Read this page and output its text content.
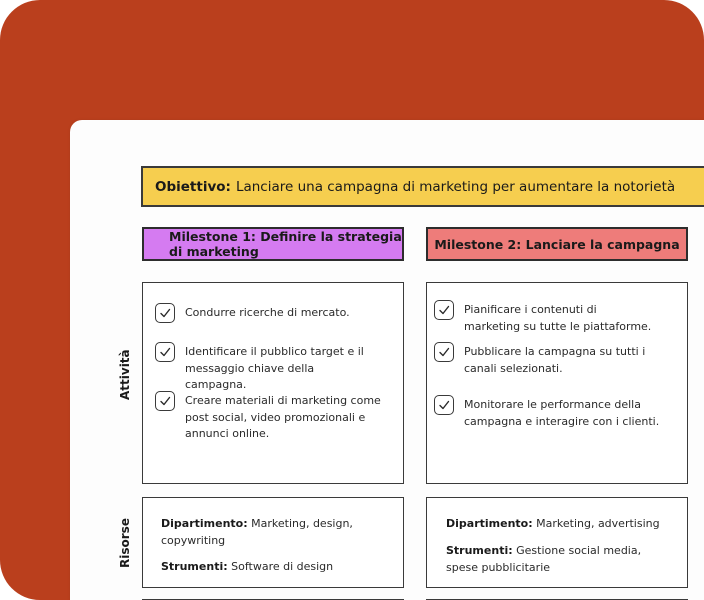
Obiettivo: Lanciare una campagna di marketing per aumentare la notorietà
Milestone 1: Definire la strategia
di marketing	Milestone 2: Lanciare la campagna
Attività
Risorse
Condurre ricerche di mercato.
Identificare il pubblico target e il messaggio chiave della campagna.
Creare materiali di marketing come post social, video promozionali e annunci online.
Pianificare i contenuti di marketing su tutte le piattaforme.
Pubblicare la campagna su tutti i canali selezionati.
Monitorare le performance della campagna e interagire con i clienti.
Dipartimento: Marketing, design, copywriting
Strumenti: Software di design
Dipartimento: Marketing, advertising
Strumenti: Gestione social media, spese pubblicitarie
